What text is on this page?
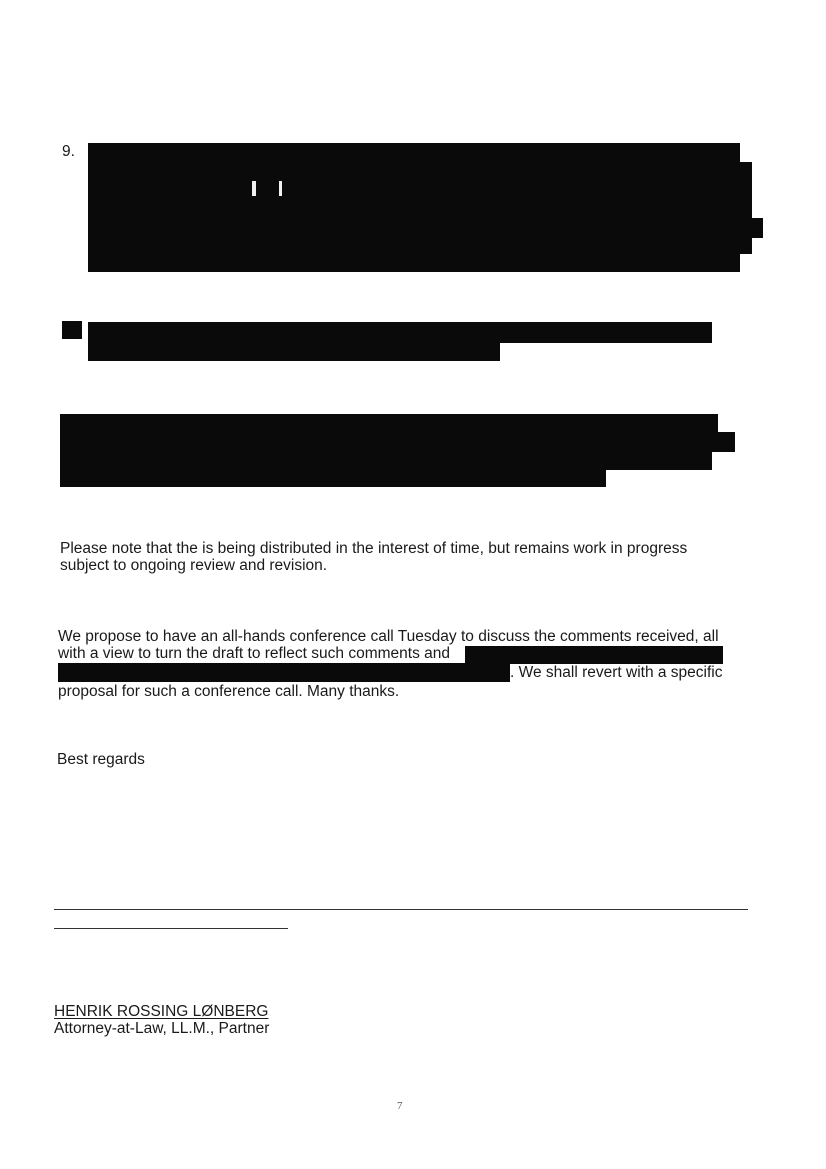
9.
Please note that the is being distributed in the interest of time, but remains work in progress
subject to ongoing review and revision.
We propose to have an all-hands conference call Tuesday to discuss the comments received, all
with a view to turn the draft to reflect such comments and
. We shall revert with a specific
proposal for such a conference call. Many thanks.
Best regards
HENRIK ROSSING LØNBERG
Attorney-at-Law, LL.M., Partner
7
